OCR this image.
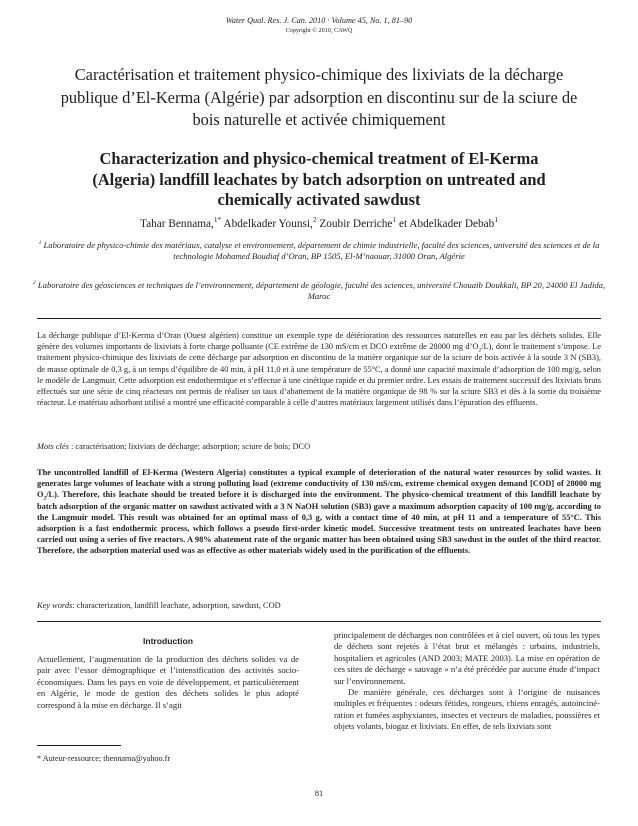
Water Qual. Res. J. Can. 2010 · Volume 45, No. 1, 81–90
Copyright © 2010, CAWQ
Caractérisation et traitement physico-chimique des lixiviats de la décharge publique d’El-Kerma (Algérie) par adsorption en discontinu sur de la sciure de bois naturelle et activée chimiquement
Characterization and physico-chemical treatment of El-Kerma (Algeria) landfill leachates by batch adsorption on untreated and chemically activated sawdust
Tahar Bennama,$^{1*}$ Abdelkader Younsi,$^2$ Zoubir Derriche$^1$ et Abdelkader Debab$^1$
$^1$ Laboratoire de physico-chimie des matériaux, catalyse et environnement, département de chimie industrielle, faculté des sciences, université des sciences et de la technologie Mohamed Boudiaf d’Oran, BP 1505, El-M’naouar, 31000 Oran, Algérie
$^2$ Laboratoire des géosciences et techniques de l’environnement, département de géologie, faculté des sciences, université Chouaib Doukkali, BP 20, 24000 El Jadida, Maroc
La décharge publique d’El-Kerma d’Oran (Ouest algérien) constitue un exemple type de détérioration des ressources naturelles en eau par les déchets solides. Elle génère des volumes importants de lixiviats à forte charge polluante (CE extrême de 130 mS/cm et DCO extrême de 28000 mg $d’O_2/L$), dont le traitement s’impose. Le traitement physico-chimique des lixiviats de cette décharge par adsorption en discontinu de la matière organique sur de la sciure de bois activée à la soude 3 N (SB3), de masse optimale de 0,3 g, à un temps d’équilibre de 40 min, à pH 11,0 et à une température de 55°C, a donné une capacité maximale d’adsorption de 100 mg/g, selon le modèle de Langmuir. Cette adsorption est endothermique et s’effectue à une cinétique rapide et du premier ordre. Les essais de traitement successif des lixiviats bruts effectués sur une série de cinq réacteurs ont permis de réaliser un taux d’abattement de la matière organique de 98 % sur la sciure SB3 et dès à la sortie du troisième réacteur. Le matériau adsorbant utilisé a montré une efficacité comparable à celle d’autres matériaux largement utilisés dans l’épuration des effluents.
Mots clés : caractérisation; lixiviats de décharge; adsorption; sciure de bois; DCO
The uncontrolled landfill of El-Kerma (Western Algeria) constitutes a typical example of deterioration of the natural water resources by solid wastes. It generates large volumes of leachate with a strong polluting load (extreme conductivity of 130 mS/cm, extreme chemical oxygen demand [COD] of 28000 mg $O_2/L$). Therefore, this leachate should be treated before it is discharged into the environment. The physico-chemical treatment of this landfill leachate by batch adsorption of the organic matter on sawdust activated with a 3 N NaOH solution (SB3) gave a maximum adsorption capacity of 100 mg/g, according to the Langmuir model. This result was obtained for an optimal mass of 0,3 g, with a contact time of 40 min, at pH 11 and a temperature of 55°C. This adsorption is a fast endothermic process, which follows a pseudo first-order kinetic model. Successive treatment tests on untreated leachates have been carried out using a series of five reactors. A 98% abatement rate of the organic matter has been obtained using SB3 sawdust in the outlet of the third reactor. Therefore, the adsorption material used was as effective as other materials widely used in the purification of the effluents.
Key words: characterization, landfill leachate, adsorption, sawdust, COD
Introduction

Actuellement, l’augmentation de la production des déchets solides va de pair avec l’essor démographique et l’intensification des activités socio-économiques. Dans les pays en voie de développement, et particulièrement en Algérie, le mode de gestion des déchets solides le plus adopté correspond à la mise en décharge. Il s’agit

principalement de décharges non contrôlées et à ciel ouvert, où tous les types de déchets sont rejetés à l’état brut et mélangés : urbains, industriels, hospitaliers et agricoles (AND 2003; MATE 2003). La mise en opération de ces sites de décharge « sauvage » n’a été précédée par aucune étude d’impact sur l’environnement.

De manière générale, ces décharges sont à l’origine de nuisances multiples et fréquentes : odeurs fétides, rongeurs, chiens enragés, autoincinération et fumées asphyxiantes, insectes et vecteurs de maladies, poussières et objets volants, biogaz et lixiviats. En effet, de tels lixiviats sont

* Auteur-ressource; tbennama@yahoo.fr
81
